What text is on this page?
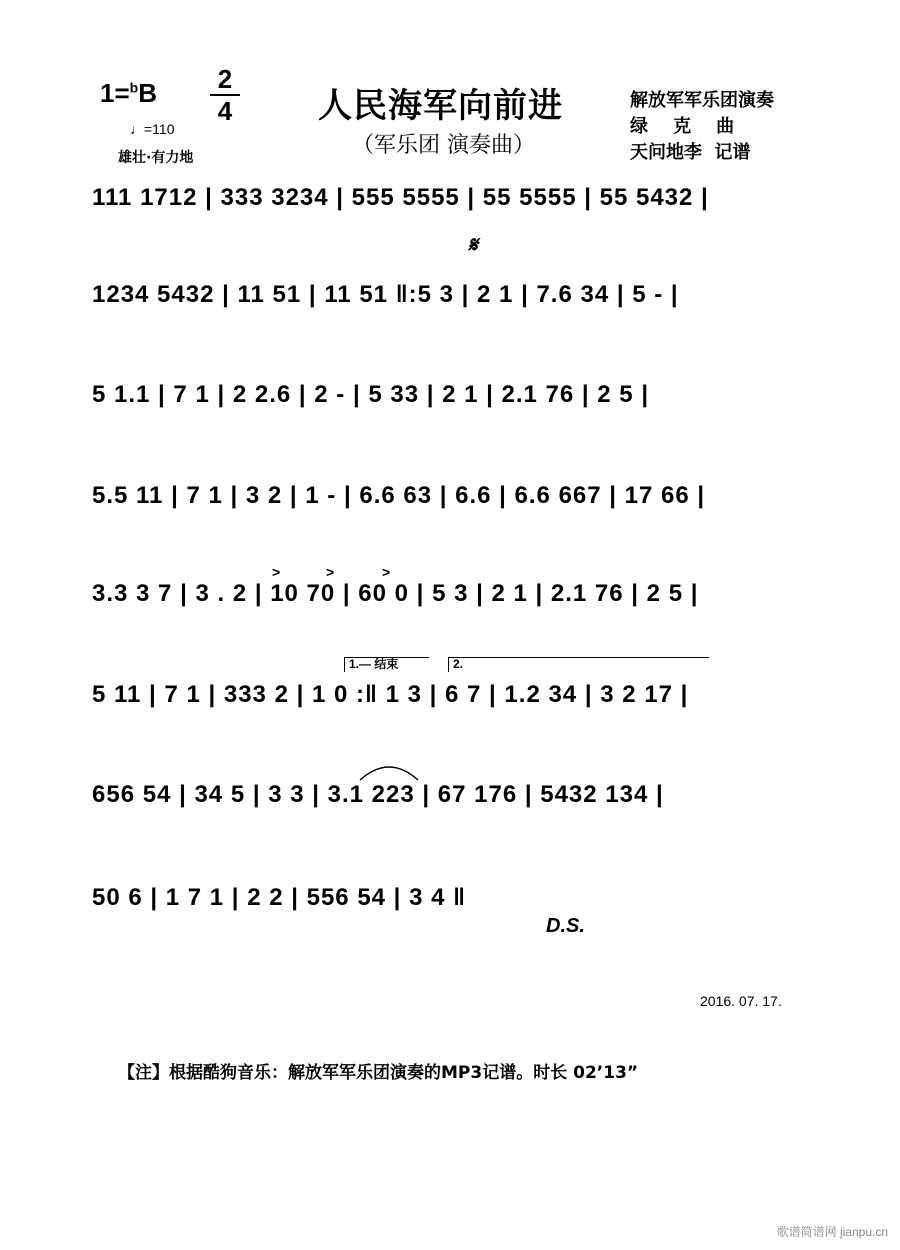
1=$^b$B	2
4
♩=110
雄壮·有力地
人民海军向前进
（军乐团 演奏曲）
解放军军乐团演奏
绿    克    曲
天问地李  记谱
111 1712 | 333 3234 | 555 5555 | 55 5555 | 55 5432 |
𝄋
1234 5432 | 11 51 | 11 51 ‖:5 3 | 2 1 | 7.6 34 | 5 - |
5 1.1 | 7 1 | 2 2.6 | 2 - | 5 33 | 2 1 | 2.1 76 | 2 5 |
5.5 11 | 7 1 | 3 2 | 1 - | 6.6 63 | 6.6 | 6.6 667 | 17 66 |
>	>	>
3.3 3 7 | 3 . 2 | 10 70 | 60 0 | 5 3 | 2 1 | 2.1 76 | 2 5 |
1.— 结束	2.
5 11 | 7 1 | 333 2 | 1 0 :‖ 1 3 | 6 7 | 1.2 34 | 3 2 17 |
656 54 | 34 5 | 3 3 | 3.1 223 | 67 176 | 5432 134 |
50 6 | 1 7 1 | 2 2 | 556 54 | 3 4 ‖
D.S.
2016. 07. 17.
【注】根据酷狗音乐：解放军军乐团演奏的MP3记谱。时长 02’13”
歌谱简谱网 jianpu.cn
